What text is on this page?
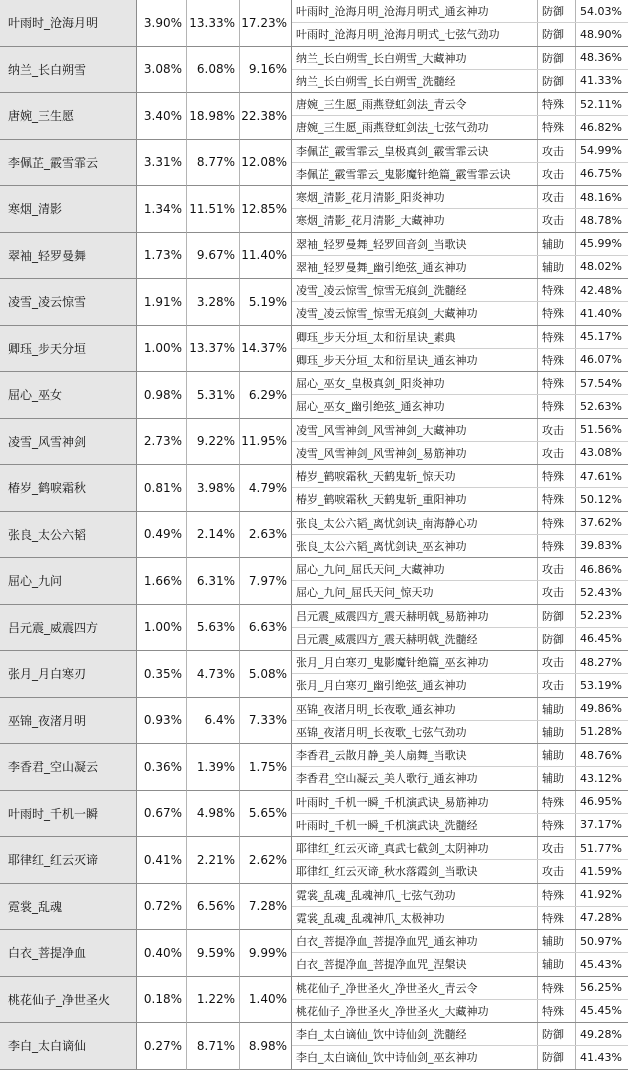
叶雨时_沧海月明	3.90% 13.33% 17.23%
叶雨时_沧海月明_沧海月明式_通玄神功	防御	54.03%
叶雨时_沧海月明_沧海月明式_七弦气劲功	防御	48.90%
纳兰_长白朔雪	3.08%	6.08%	9.16%
纳兰_长白朔雪_长白朔雪_大藏神功	防御	48.36%
纳兰_长白朔雪_长白朔雪_洗髓经	防御	41.33%
唐婉_三生愿	3.40% 18.98% 22.38%
唐婉_三生愿_雨燕登虹剑法_青云令	特殊	52.11%
唐婉_三生愿_雨燕登虹剑法_七弦气劲功	特殊	46.82%
李佩芷_霰雪霏云	3.31%	8.77% 12.08%
李佩芷_霰雪霏云_皇极真剑_霰雪霏云诀	攻击	54.99%
李佩芷_霰雪霏云_鬼影魔针绝篇_霰雪霏云诀	攻击	46.75%
寒烟_清影	1.34% 11.51% 12.85%
寒烟_清影_花月清影_阳炎神功	攻击	48.16%
寒烟_清影_花月清影_大藏神功	攻击	48.78%
翠袖_轻罗曼舞	1.73%	9.67% 11.40%
翠袖_轻罗曼舞_轻罗回音剑_当歌诀	辅助	45.99%
翠袖_轻罗曼舞_幽引绝弦_通玄神功	辅助	48.02%
凌雪_凌云惊雪	1.91%	3.28%	5.19%
凌雪_凌云惊雪_惊雪无痕剑_洗髓经	特殊	42.48%
凌雪_凌云惊雪_惊雪无痕剑_大藏神功	特殊	41.40%
卿珏_步天分垣	1.00% 13.37% 14.37%
卿珏_步天分垣_太和衍星诀_素典	特殊	45.17%
卿珏_步天分垣_太和衍星诀_通玄神功	特殊	46.07%
屈心_巫女	0.98%	5.31%	6.29%
屈心_巫女_皇极真剑_阳炎神功	特殊	57.54%
屈心_巫女_幽引绝弦_通玄神功	特殊	52.63%
凌雪_风雪神剑	2.73%	9.22% 11.95%
凌雪_风雪神剑_风雪神剑_大藏神功	攻击	51.56%
凌雪_风雪神剑_风雪神剑_易筋神功	攻击	43.08%
椿岁_鹤唳霜秋	0.81%	3.98%	4.79%
椿岁_鹤唳霜秋_天鹤鬼斩_惊天功	特殊	47.61%
椿岁_鹤唳霜秋_天鹤鬼斩_重阳神功	特殊	50.12%
张良_太公六韬	0.49%	2.14%	2.63%
张良_太公六韬_离忧剑诀_南海静心功	特殊	37.62%
张良_太公六韬_离忧剑诀_巫玄神功	特殊	39.83%
屈心_九问	1.66%	6.31%	7.97%
屈心_九问_屈氏天问_大藏神功	攻击	46.86%
屈心_九问_屈氏天问_惊天功	攻击	52.43%
吕元震_威震四方	1.00%	5.63%	6.63%
吕元震_威震四方_震天赫明戟_易筋神功	防御	52.23%
吕元震_威震四方_震天赫明戟_洗髓经	防御	46.45%
张月_月白寒刃	0.35%	4.73%	5.08%
张月_月白寒刃_鬼影魔针绝篇_巫玄神功	攻击	48.27%
张月_月白寒刃_幽引绝弦_通玄神功	攻击	53.19%
巫锦_夜渚月明	0.93%	6.4%	7.33%
巫锦_夜渚月明_长夜歌_通玄神功	辅助	49.86%
巫锦_夜渚月明_长夜歌_七弦气劲功	辅助	51.28%
李香君_空山凝云	0.36%	1.39%	1.75%
李香君_云散月静_美人扇舞_当歌诀	辅助	48.76%
李香君_空山凝云_美人歌行_通玄神功	辅助	43.12%
叶雨时_千机一瞬	0.67%	4.98%	5.65%
叶雨时_千机一瞬_千机演武诀_易筋神功	特殊	46.95%
叶雨时_千机一瞬_千机演武诀_洗髓经	特殊	37.17%
耶律红_红云灭谛	0.41%	2.21%	2.62%
耶律红_红云灭谛_真武七截剑_太阴神功	攻击	51.77%
耶律红_红云灭谛_秋水落霞剑_当歌诀	攻击	41.59%
霓裳_乱魂	0.72%	6.56%	7.28%
霓裳_乱魂_乱魂神爪_七弦气劲功	特殊	41.92%
霓裳_乱魂_乱魂神爪_太极神功	特殊	47.28%
白衣_菩提净血	0.40%	9.59%	9.99%
白衣_菩提净血_菩提净血咒_通玄神功	辅助	50.97%
白衣_菩提净血_菩提净血咒_涅槃诀	辅助	45.43%
桃花仙子_净世圣火	0.18%	1.22%	1.40%
桃花仙子_净世圣火_净世圣火_青云令	特殊	56.25%
桃花仙子_净世圣火_净世圣火_大藏神功	特殊	45.45%
李白_太白谪仙	0.27%	8.71%	8.98%
李白_太白谪仙_饮中诗仙剑_洗髓经	防御	49.28%
李白_太白谪仙_饮中诗仙剑_巫玄神功	防御	41.43%
